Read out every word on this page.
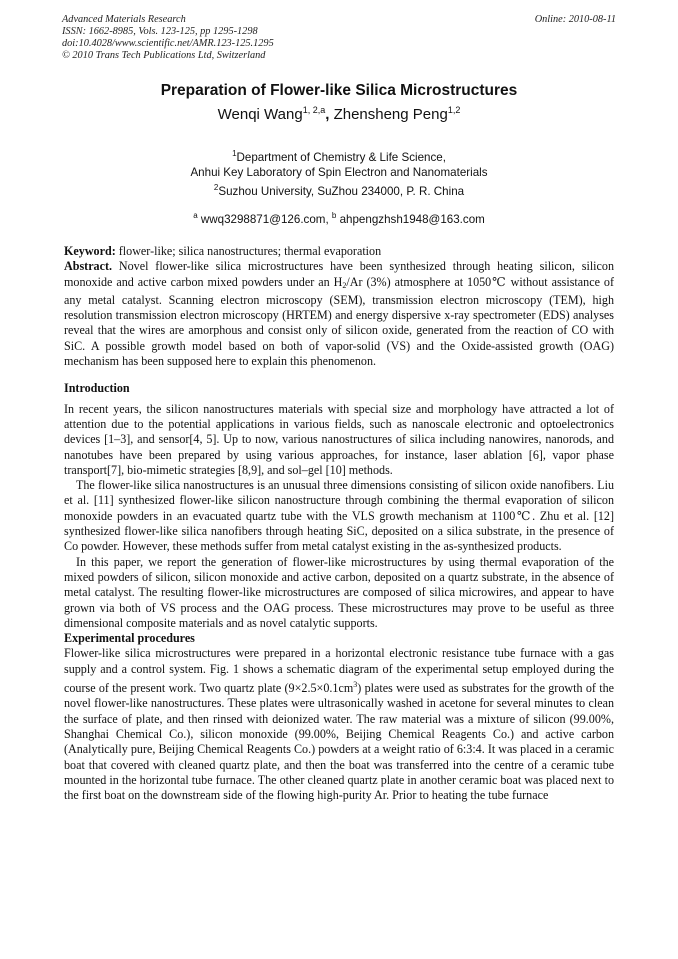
Advanced Materials Research
ISSN: 1662-8985, Vols. 123-125, pp 1295-1298
doi:10.4028/www.scientific.net/AMR.123-125.1295
© 2010 Trans Tech Publications Ltd, Switzerland
Online: 2010-08-11
Preparation of Flower-like Silica Microstructures
Wenqi Wang$^{1, 2,a}$, Zhensheng Peng$^{1,2}$
$^1$Department of Chemistry & Life Science,
Anhui Key Laboratory of Spin Electron and Nanomaterials
$^2$Suzhou University, SuZhou 234000, P. R. China
$^a$ wwq3298871@126.com, $^b$ ahpengzhsh1948@163.com

Keyword: flower-like; silica nanostructures; thermal evaporation

Abstract. Novel flower-like silica microstructures have been synthesized through heating silicon, silicon monoxide and active carbon mixed powders under an $H_2/Ar$ (3%) atmosphere at 1050℃ without assistance of any metal catalyst. Scanning electron microscopy (SEM), transmission electron microscopy (TEM), high resolution transmission electron microscopy (HRTEM) and energy dispersive x-ray spectrometer (EDS) analyses reveal that the wires are amorphous and consist only of silicon oxide, generated from the reaction of CO with SiC. A possible growth model based on both of vapor-solid (VS) and the Oxide-assisted growth (OAG) mechanism has been supposed here to explain this phenomenon.

Introduction

In recent years, the silicon nanostructures materials with special size and morphology have attracted a lot of attention due to the potential applications in various fields, such as nanoscale electronic and optoelectronics devices [1–3], and sensor[4, 5]. Up to now, various nanostructures of silica including nanowires, nanorods, and nanotubes have been prepared by using various approaches, for instance, laser ablation [6], vapor phase transport[7], bio-mimetic strategies [8,9], and sol–gel [10] methods.

The flower-like silica nanostructures is an unusual three dimensions consisting of silicon oxide nanofibers. Liu et al. [11] synthesized flower-like silicon nanostructure through combining the thermal evaporation of silicon monoxide powders in an evacuated quartz tube with the VLS growth mechanism at 1100℃. Zhu et al. [12] synthesized flower-like silica nanofibers through heating SiC, deposited on a silica substrate, in the presence of Co powder. However, these methods suffer from metal catalyst existing in the as-synthesized products.

In this paper, we report the generation of flower-like microstructures by using thermal evaporation of the mixed powders of silicon, silicon monoxide and active carbon, deposited on a quartz substrate, in the absence of metal catalyst. The resulting flower-like microstructures are composed of silica microwires, and appear to have grown via both of VS process and the OAG process. These microstructures may prove to be useful as three dimensional composite materials and as novel catalytic supports.

Experimental procedures

Flower-like silica microstructures were prepared in a horizontal electronic resistance tube furnace with a gas supply and a control system. Fig. 1 shows a schematic diagram of the experimental setup employed during the course of the present work. Two quartz plate $(9\times 2.5\times 0.1cm^3)$ plates were used as substrates for the growth of the novel flower-like nanostructures. These plates were ultrasonically washed in acetone for several minutes to clean the surface of plate, and then rinsed with deionized water. The raw material was a mixture of silicon (99.00%, Shanghai Chemical Co.), silicon monoxide (99.00%, Beijing Chemical Reagents Co.) and active carbon (Analytically pure, Beijing Chemical Reagents Co.) powders at a weight ratio of 6:3:4. It was placed in a ceramic boat that covered with cleaned quartz plate, and then the boat was transferred into the centre of a ceramic tube mounted in the horizontal tube furnace. The other cleaned quartz plate in another ceramic boat was placed next to the first boat on the downstream side of the flowing high-purity Ar. Prior to heating the tube furnace
